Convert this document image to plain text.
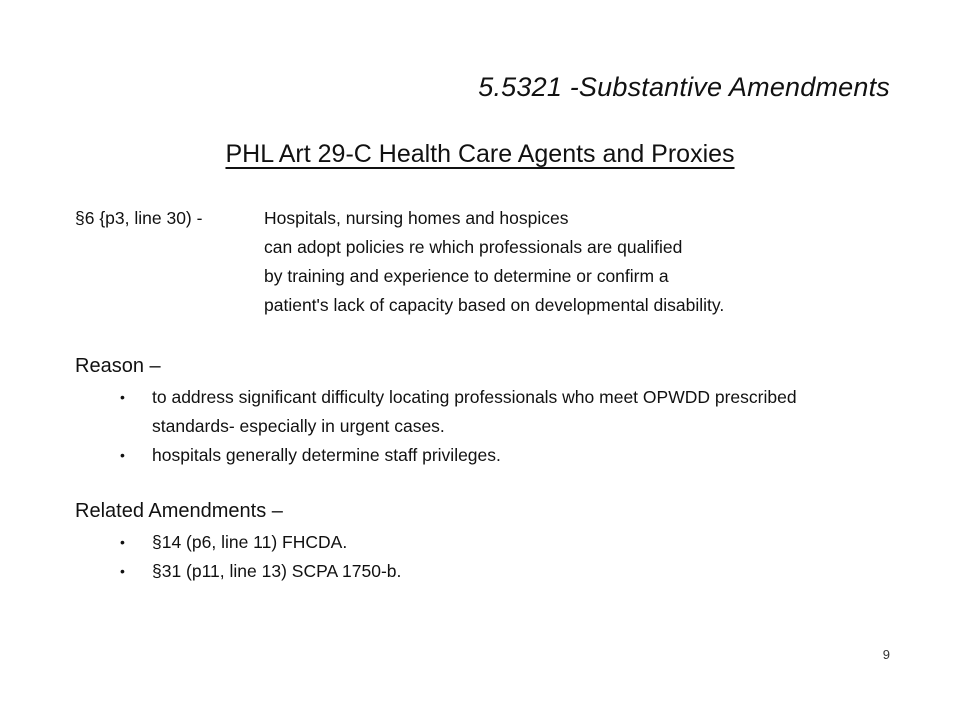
5.5321 -Substantive Amendments
PHL Art 29-C Health Care Agents and Proxies
§6 {p3, line 30) -	Hospitals, nursing homes and hospices
can adopt policies re which professionals are qualified
by training and experience to determine or confirm a
patient's lack of capacity based on developmental disability.
Reason –
• to address significant difficulty locating professionals who meet OPWDD prescribed standards- especially in urgent cases.
• hospitals generally determine staff privileges.
Related Amendments –
• §14 (p6, line 11) FHCDA.
• §31 (p11, line 13) SCPA 1750-b.
9
